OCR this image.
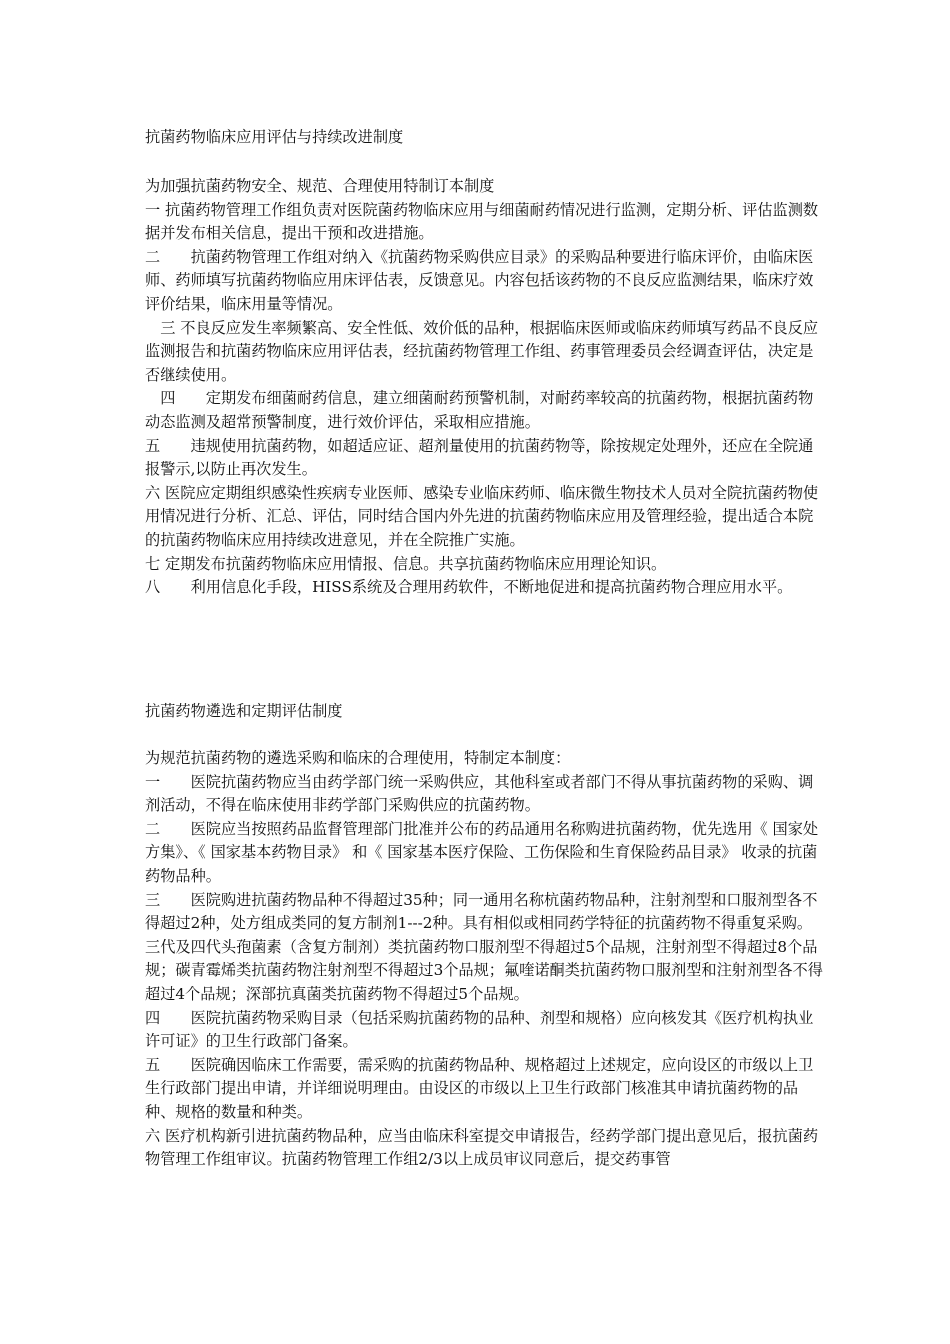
抗菌药物临床应用评估与持续改进制度

为加强抗菌药物安全、规范、合理使用特制订本制度

一 抗菌药物管理工作组负责对医院菌药物临床应用与细菌耐药情况进行监测，定期分析、评估监测数据并发布相关信息，提出干预和改进措施。

二　　抗菌药物管理工作组对纳入《抗菌药物采购供应目录》的采购品种要进行临床评价，由临床医师、药师填写抗菌药物临应用床评估表，反馈意见。内容包括该药物的不良反应监测结果，临床疗效评价结果，临床用量等情况。

　三 不良反应发生率频繁高、安全性低、效价低的品种，根据临床医师或临床药师填写药品不良反应监测报告和抗菌药物临床应用评估表，经抗菌药物管理工作组、药事管理委员会经调查评估，决定是否继续使用。

　四　　定期发布细菌耐药信息，建立细菌耐药预警机制，对耐药率较高的抗菌药物，根据抗菌药物动态监测及超常预警制度，进行效价评估，采取相应措施。

五　　违规使用抗菌药物，如超适应证、超剂量使用的抗菌药物等，除按规定处理外，还应在全院通报警示,以防止再次发生。

六 医院应定期组织感染性疾病专业医师、感染专业临床药师、临床微生物技术人员对全院抗菌药物使用情况进行分析、汇总、评估，同时结合国内外先进的抗菌药物临床应用及管理经验，提出适合本院的抗菌药物临床应用持续改进意见，并在全院推广实施。

七 定期发布抗菌药物临床应用情报、信息。共享抗菌药物临床应用理论知识。

八　　利用信息化手段，HISS系统及合理用药软件，不断地促进和提高抗菌药物合理应用水平。

抗菌药物遴选和定期评估制度

为规范抗菌药物的遴选采购和临床的合理使用，特制定本制度：

一　　医院抗菌药物应当由药学部门统一采购供应，其他科室或者部门不得从事抗菌药物的采购、调剂活动，不得在临床使用非药学部门采购供应的抗菌药物。

二　　医院应当按照药品监督管理部门批准并公布的药品通用名称购进抗菌药物，优先选用《 国家处方集》、《 国家基本药物目录》 和《 国家基本医疗保险、工伤保险和生育保险药品目录》 收录的抗菌药物品种。

三　　医院购进抗菌药物品种不得超过35种；同一通用名称杭菌药物品种，注射剂型和口服剂型各不得超过2种，处方组成类同的复方制剂1---2种。具有相似或相同药学特征的抗菌药物不得重复采购。

三代及四代头孢菌素（含复方制剂）类抗菌药物口服剂型不得超过5个品规，注射剂型不得超过8个品规；碳青霉烯类抗菌药物注射剂型不得超过3个品规；氟喹诺酮类抗菌药物口服剂型和注射剂型各不得超过4个品规；深部抗真菌类抗菌药物不得超过5个品规。

四　　医院抗菌药物采购目录（包括采购抗菌药物的品种、剂型和规格）应向核发其《医疗机构执业许可证》的卫生行政部门备案。

五　　医院确因临床工作需要，需采购的抗菌药物品种、规格超过上述规定，应向设区的市级以上卫生行政部门提出申请，并详细说明理由。由设区的市级以上卫生行政部门核准其申请抗菌药物的品种、规格的数量和种类。

六 医疗机构新引进抗菌药物品种，应当由临床科室提交申请报告，经药学部门提出意见后，报抗菌药物管理工作组审议。抗菌药物管理工作组2/3以上成员审议同意后，提交药事管
